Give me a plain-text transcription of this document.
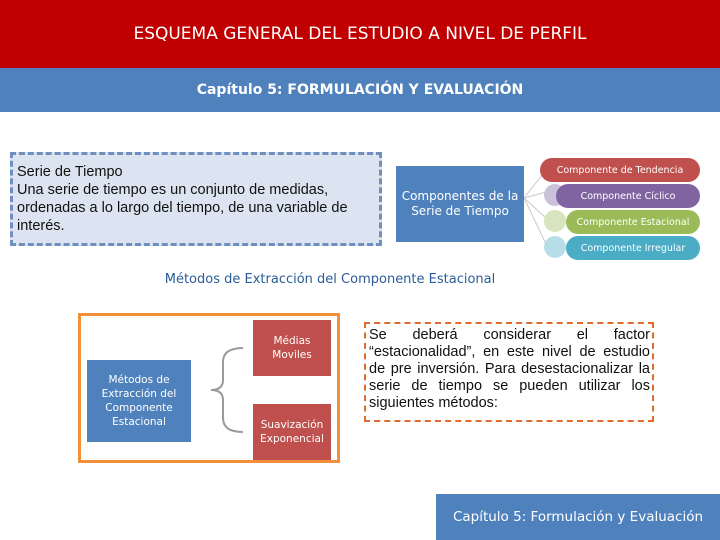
ESQUEMA GENERAL DEL ESTUDIO A NIVEL DE PERFIL
Capítulo 5: FORMULACIÓN Y EVALUACIÓN
Serie de Tiempo
Una serie de tiempo es un conjunto de medidas, ordenadas a lo largo del tiempo, de una variable de interés.
Componentes de la Serie de Tiempo
Componente de Tendencia
Componente Cíclico
Componente Estacional
Componente Irregular
Métodos de Extracción del Componente Estacional
Métodos de Extracción del Componente Estacional
Médias Moviles
Suavización Exponencial
Se deberá considerar el factor “estacionalidad”, en este nivel de estudio de pre inversión. Para desestacionalizar la serie de tiempo se pueden utilizar los siguientes métodos:
Capítulo 5: Formulación y Evaluación
